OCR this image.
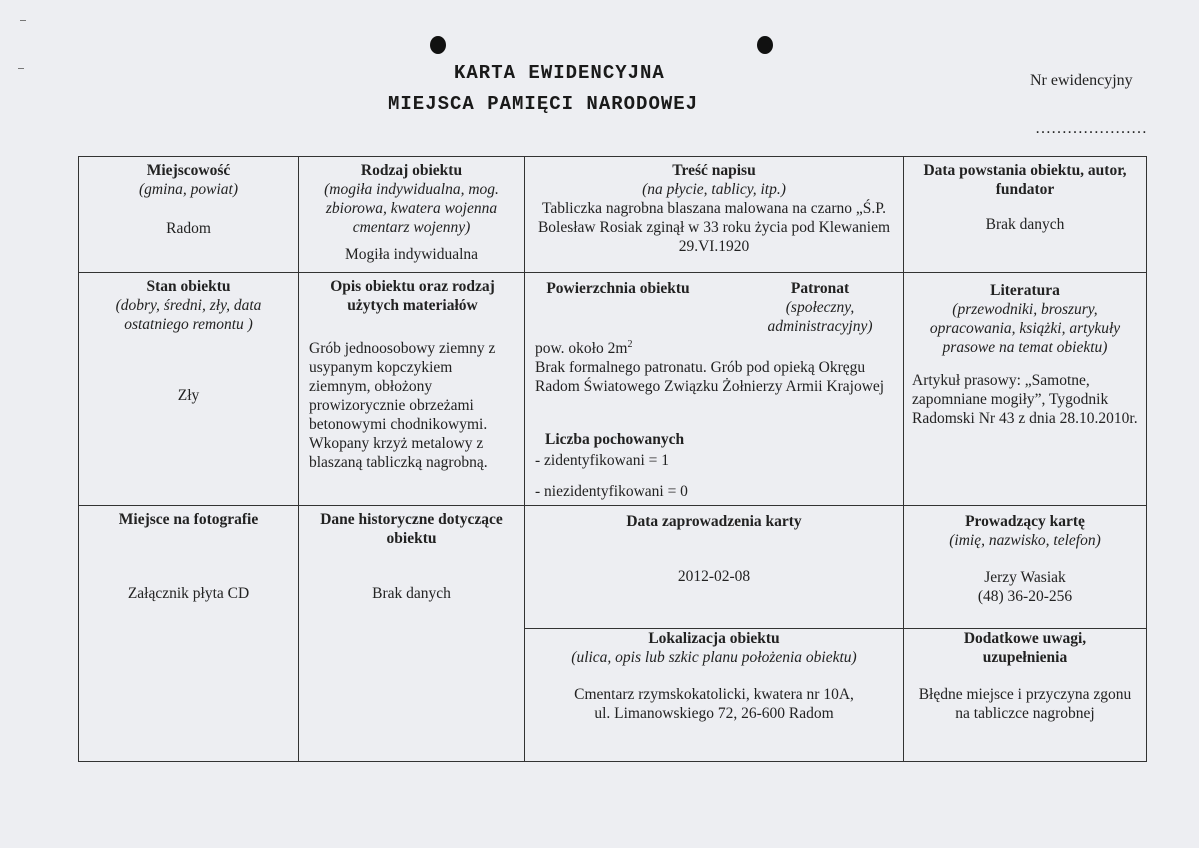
KARTA EWIDENCYJNA
MIEJSCA PAMIĘCI NARODOWEJ
Nr ewidencyjny
…………………
Miejscowość
(gmina, powiat)
Radom
Rodzaj obiektu
(mogiła indywidualna, mog. zbiorowa, kwatera wojenna cmentarz wojenny)
Mogiła indywidualna
Treść napisu
(na płycie, tablicy, itp.)
Tabliczka nagrobna blaszana malowana na czarno „Ś.P. Bolesław Rosiak zginął w 33 roku życia pod Klewaniem 29.VI.1920
Data powstania obiektu, autor, fundator
Brak danych
Stan obiektu
(dobry, średni, zły, data ostatniego remontu )
Zły
Opis obiektu oraz rodzaj użytych materiałów
Grób jednoosobowy ziemny z usypanym kopczykiem ziemnym, obłożony prowizorycznie obrzeżami betonowymi chodnikowymi. Wkopany krzyż metalowy z blaszaną tabliczką nagrobną.
Powierzchnia obiektu	Patronat
(społeczny, administracyjny)
pow. około $2m^2$
Brak formalnego patronatu. Grób pod opieką Okręgu Radom Światowego Związku Żołnierzy Armii Krajowej
Liczba pochowanych
- zidentyfikowani = 1
- niezidentyfikowani = 0
Literatura
(przewodniki, broszury, opracowania, książki, artykuły prasowe na temat obiektu)
Artykuł prasowy: „Samotne, zapomniane mogiły”, Tygodnik Radomski Nr 43 z dnia 28.10.2010r.
Miejsce na fotografie
Załącznik płyta CD
Dane historyczne dotyczące obiektu
Brak danych
Data zaprowadzenia karty
2012-02-08
Prowadzący kartę
(imię, nazwisko, telefon)
Jerzy Wasiak
(48) 36-20-256
Lokalizacja obiektu
(ulica, opis lub szkic planu położenia obiektu)
Cmentarz rzymskokatolicki, kwatera nr 10A,
ul. Limanowskiego 72, 26-600 Radom
Dodatkowe uwagi, uzupełnienia
Błędne miejsce i przyczyna zgonu na tabliczce nagrobnej
